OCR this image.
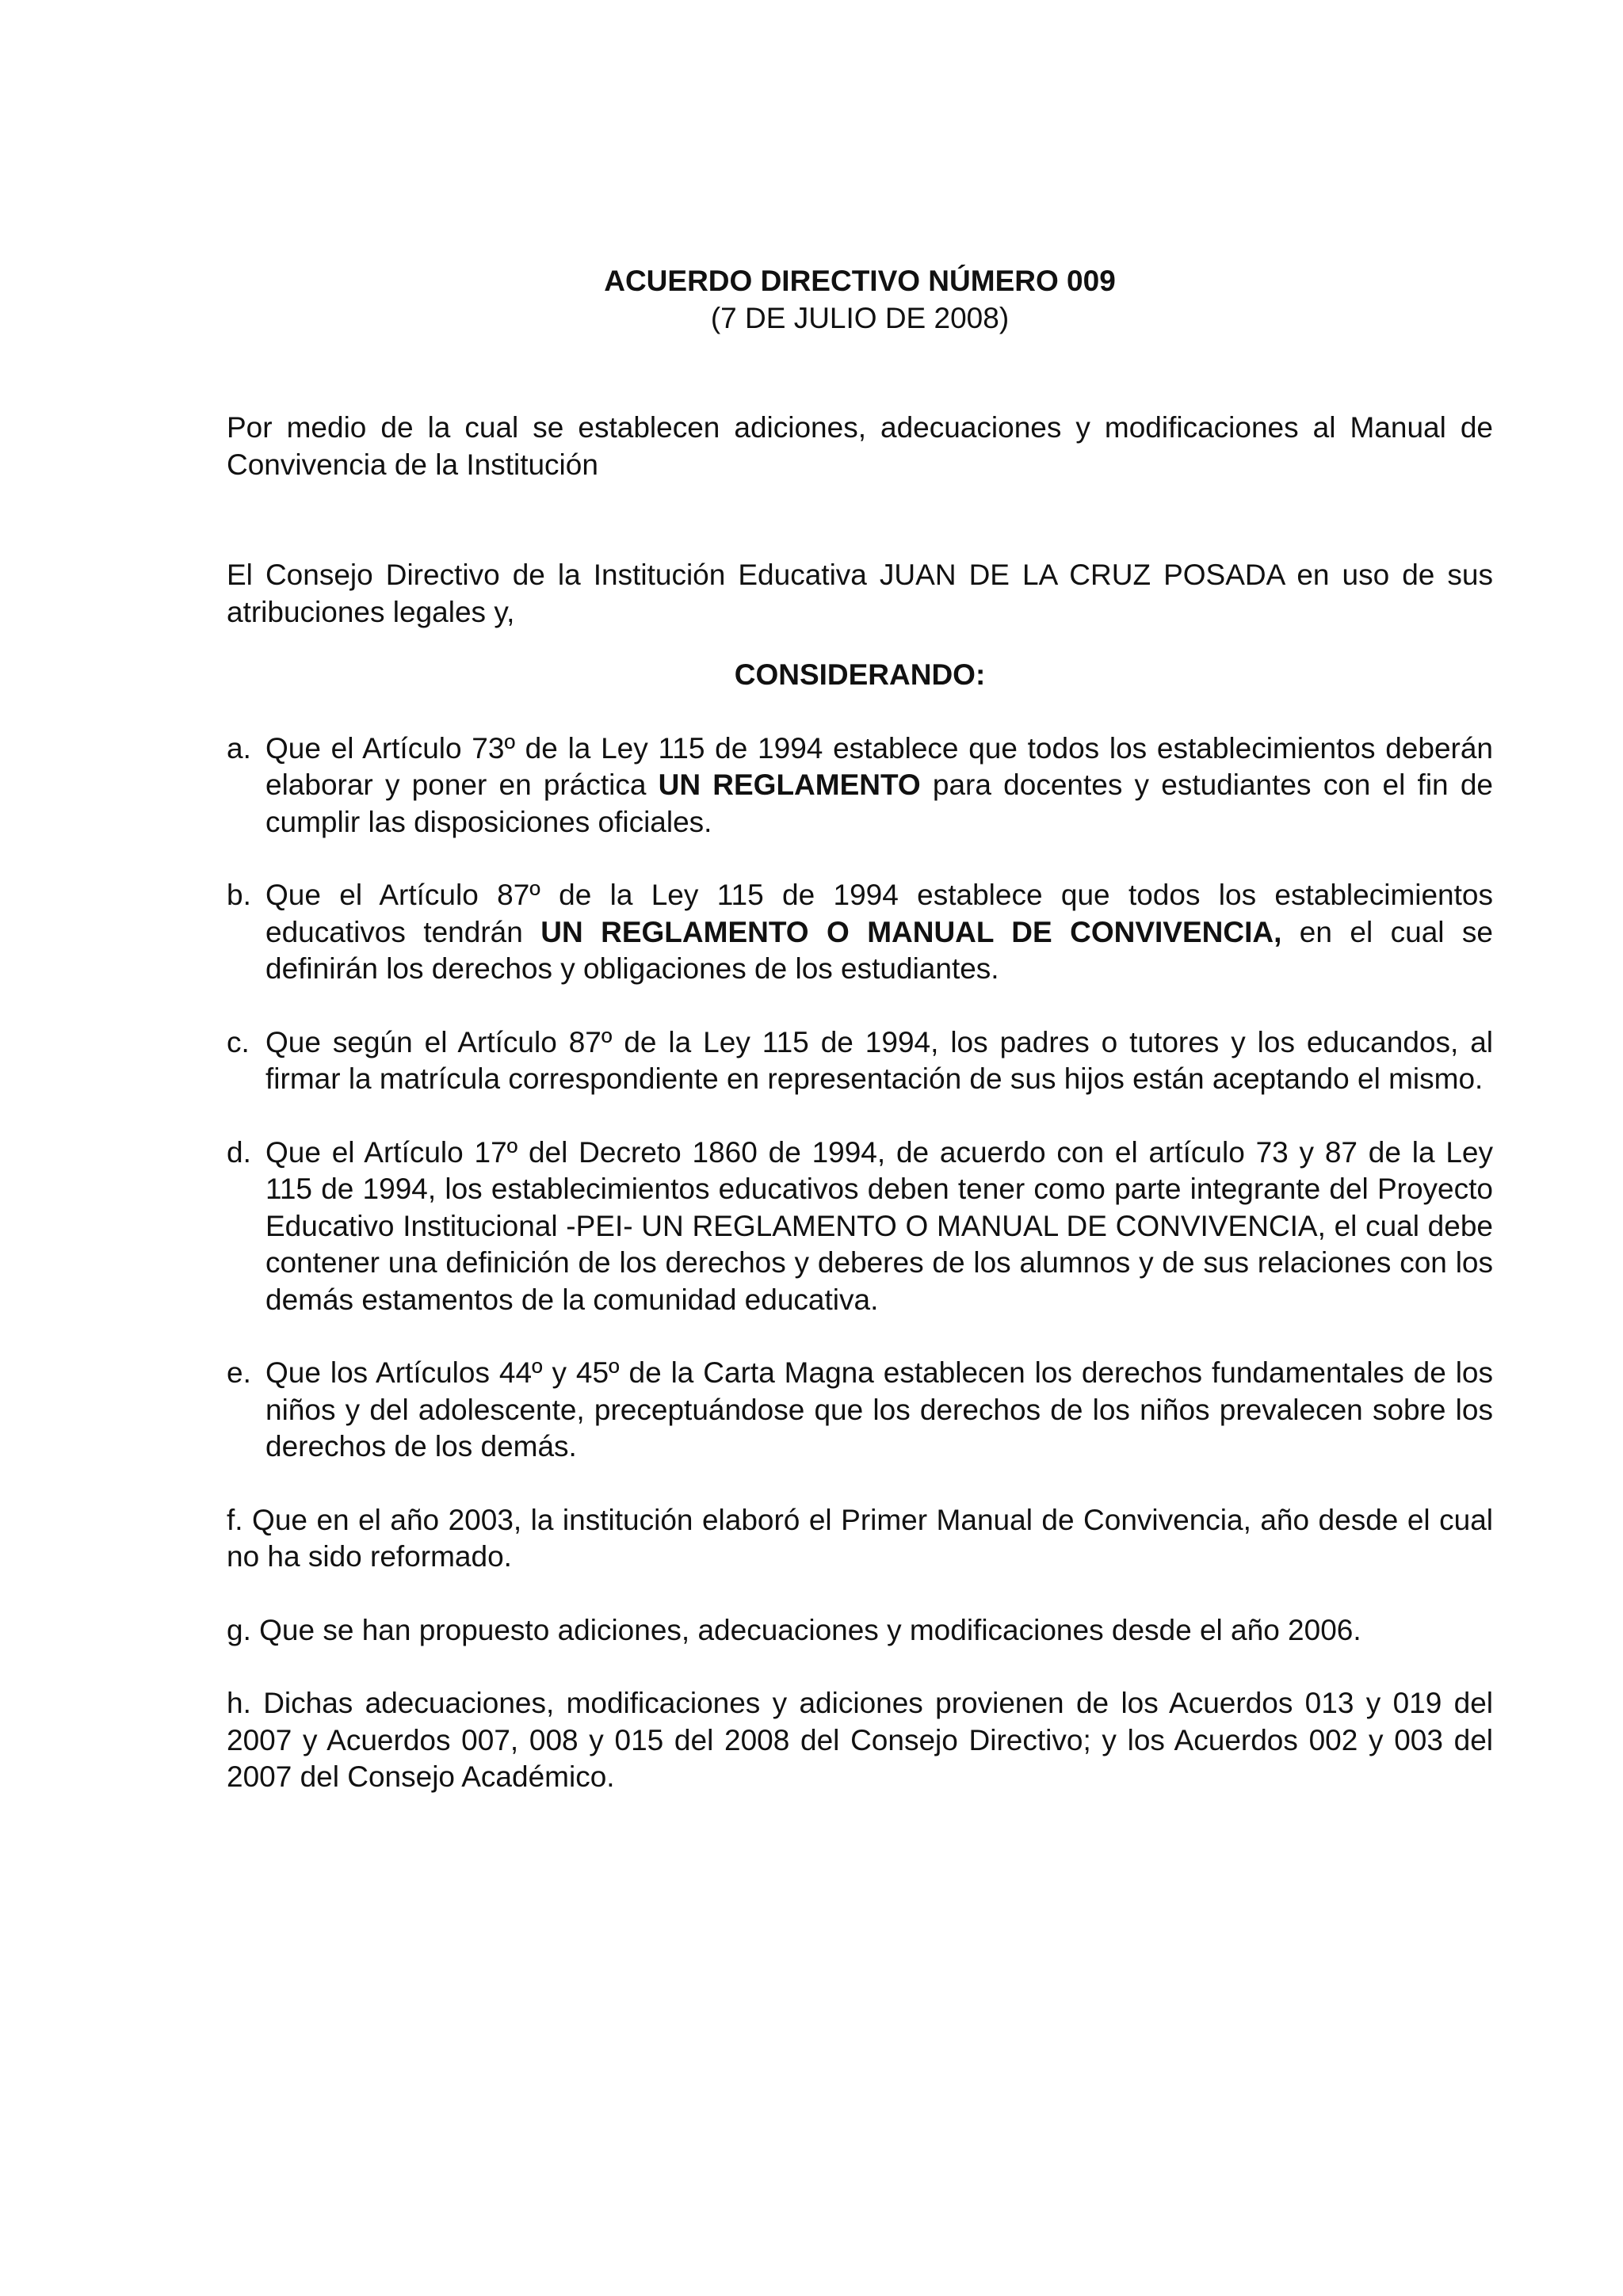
ACUERDO DIRECTIVO NÚMERO 009

(7 DE JULIO DE 2008)

Por medio de la cual se establecen adiciones, adecuaciones y modificaciones al Manual de Convivencia de la Institución

El Consejo Directivo de la Institución Educativa JUAN DE LA CRUZ POSADA en uso de sus atribuciones legales y,

CONSIDERANDO:

a. Que el Artículo 73º de la Ley 115 de 1994 establece que todos los establecimientos deberán elaborar y poner en práctica UN REGLAMENTO para docentes y estudiantes con el fin de cumplir las disposiciones oficiales.
b. Que el Artículo 87º de la Ley 115 de 1994 establece que todos los establecimientos educativos tendrán UN REGLAMENTO O MANUAL DE CONVIVENCIA, en el cual se definirán los derechos y obligaciones de los estudiantes.
c. Que según el Artículo 87º de la Ley 115 de 1994, los padres o tutores y los educandos, al firmar la matrícula correspondiente en representación de sus hijos están aceptando el mismo.
d. Que el Artículo 17º del Decreto 1860 de 1994, de acuerdo con el artículo 73 y 87 de la Ley 115 de 1994, los establecimientos educativos deben tener como parte integrante del Proyecto Educativo Institucional -PEI- UN REGLAMENTO O MANUAL DE CONVIVENCIA, el cual debe contener una definición de los derechos y deberes de los alumnos y de sus relaciones con los demás estamentos de la comunidad educativa.
e. Que los Artículos 44º y 45º de la Carta Magna establecen los derechos fundamentales de los niños y del adolescente, preceptuándose que los derechos de los niños prevalecen sobre los derechos de los demás.

f. Que en el año 2003, la institución elaboró el Primer Manual de Convivencia, año desde el cual no ha sido reformado.

g. Que se han propuesto adiciones, adecuaciones y modificaciones desde el año 2006.

h. Dichas adecuaciones, modificaciones y adiciones provienen de los Acuerdos 013 y 019 del 2007 y Acuerdos 007, 008 y 015 del 2008 del Consejo Directivo; y los Acuerdos 002 y 003 del 2007 del Consejo Académico.
